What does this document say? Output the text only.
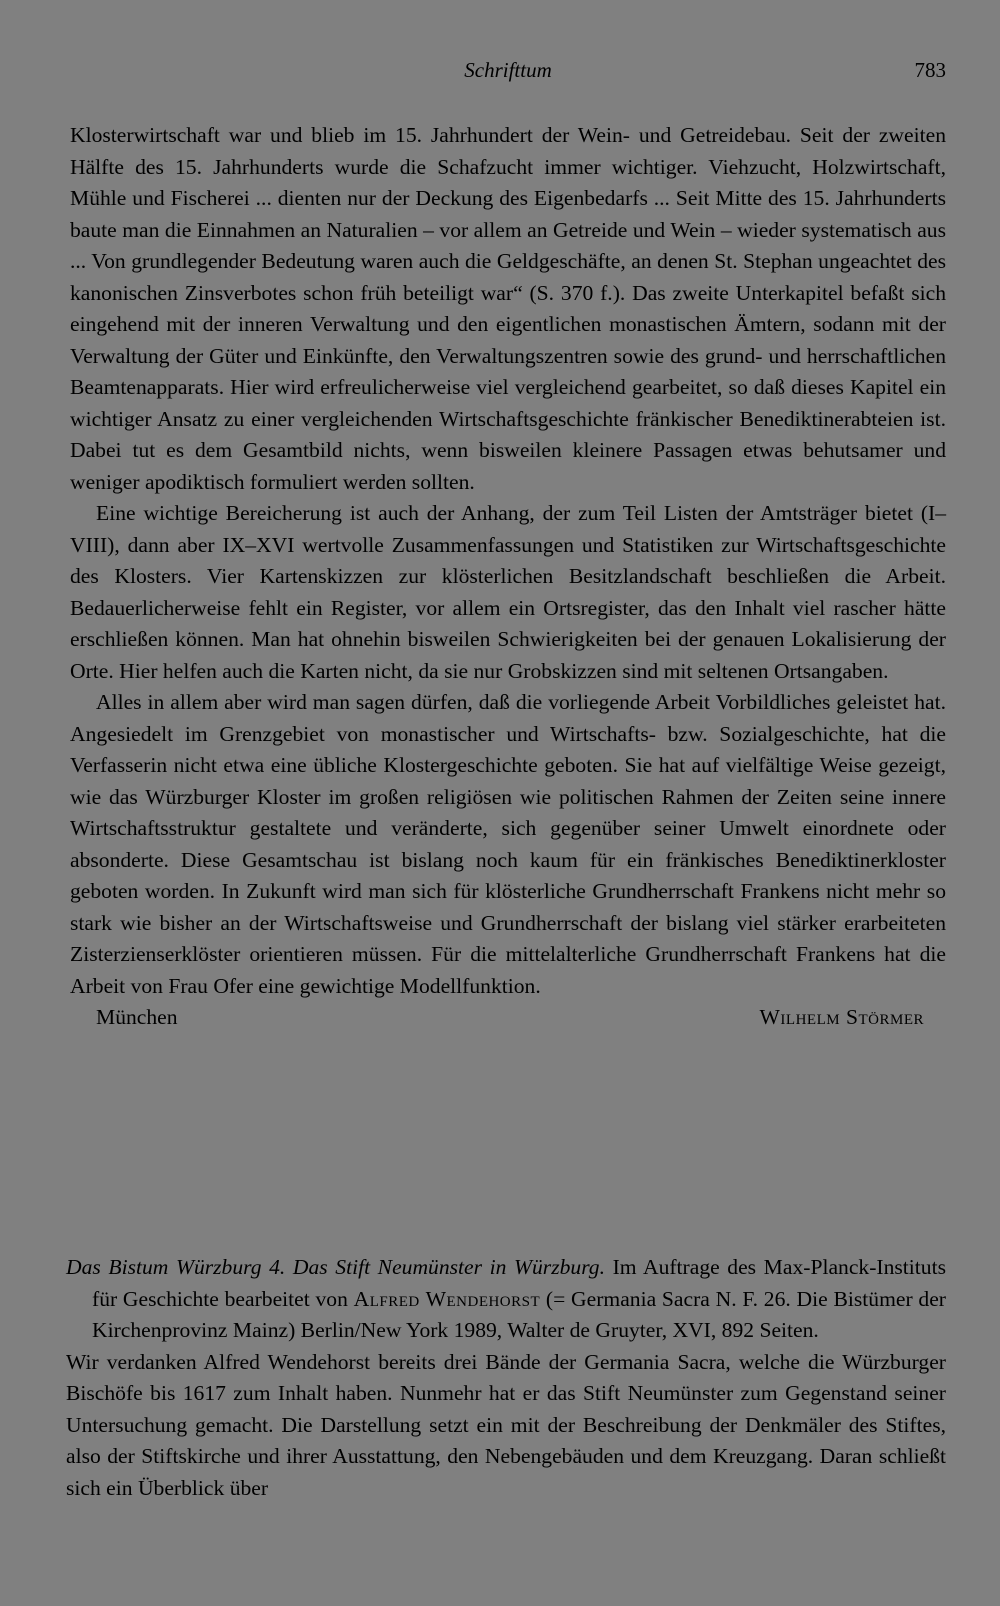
Schrifttum	783

Klosterwirtschaft war und blieb im 15. Jahrhundert der Wein- und Getreidebau. Seit der zweiten Hälfte des 15. Jahrhunderts wurde die Schafzucht immer wichtiger. Viehzucht, Holzwirtschaft, Mühle und Fischerei ... dienten nur der Deckung des Eigenbedarfs ... Seit Mitte des 15. Jahrhunderts baute man die Einnahmen an Naturalien – vor allem an Getreide und Wein – wieder systematisch aus ... Von grundlegender Bedeutung waren auch die Geldgeschäfte, an denen St. Stephan ungeachtet des kanonischen Zinsverbotes schon früh beteiligt war“ (S. 370 f.). Das zweite Unterkapitel befaßt sich eingehend mit der inneren Verwaltung und den eigentlichen monastischen Ämtern, sodann mit der Verwaltung der Güter und Einkünfte, den Verwaltungszentren sowie des grund- und herrschaftlichen Beamtenapparats. Hier wird erfreulicherweise viel vergleichend gearbeitet, so daß dieses Kapitel ein wichtiger Ansatz zu einer vergleichenden Wirtschaftsgeschichte fränkischer Benediktinerabteien ist. Dabei tut es dem Gesamtbild nichts, wenn bisweilen kleinere Passagen etwas behutsamer und weniger apodiktisch formuliert werden sollten.

Eine wichtige Bereicherung ist auch der Anhang, der zum Teil Listen der Amtsträger bietet (I–VIII), dann aber IX–XVI wertvolle Zusammenfassungen und Statistiken zur Wirtschaftsgeschichte des Klosters. Vier Kartenskizzen zur klösterlichen Besitzlandschaft beschließen die Arbeit. Bedauerlicherweise fehlt ein Register, vor allem ein Ortsregister, das den Inhalt viel rascher hätte erschließen können. Man hat ohnehin bisweilen Schwierigkeiten bei der genauen Lokalisierung der Orte. Hier helfen auch die Karten nicht, da sie nur Grobskizzen sind mit seltenen Ortsangaben.

Alles in allem aber wird man sagen dürfen, daß die vorliegende Arbeit Vorbildliches geleistet hat. Angesiedelt im Grenzgebiet von monastischer und Wirtschafts- bzw. Sozialgeschichte, hat die Verfasserin nicht etwa eine übliche Klostergeschichte geboten. Sie hat auf vielfältige Weise gezeigt, wie das Würzburger Kloster im großen religiösen wie politischen Rahmen der Zeiten seine innere Wirtschaftsstruktur gestaltete und veränderte, sich gegenüber seiner Umwelt einordnete oder absonderte. Diese Gesamtschau ist bislang noch kaum für ein fränkisches Benediktinerkloster geboten worden. In Zukunft wird man sich für klösterliche Grundherrschaft Frankens nicht mehr so stark wie bisher an der Wirtschaftsweise und Grundherrschaft der bislang viel stärker erarbeiteten Zisterzienserklöster orientieren müssen. Für die mittelalterliche Grundherrschaft Frankens hat die Arbeit von Frau Ofer eine gewichtige Modellfunktion.

München	Wilhelm Störmer

Das Bistum Würzburg 4. Das Stift Neumünster in Würzburg. Im Auftrage des Max-Planck-Instituts für Geschichte bearbeitet von Alfred Wendehorst (= Germania Sacra N. F. 26. Die Bistümer der Kirchenprovinz Mainz) Berlin/New York 1989, Walter de Gruyter, XVI, 892 Seiten.

Wir verdanken Alfred Wendehorst bereits drei Bände der Germania Sacra, welche die Würzburger Bischöfe bis 1617 zum Inhalt haben. Nunmehr hat er das Stift Neumünster zum Gegenstand seiner Untersuchung gemacht. Die Darstellung setzt ein mit der Beschreibung der Denkmäler des Stiftes, also der Stiftskirche und ihrer Ausstattung, den Nebengebäuden und dem Kreuzgang. Daran schließt sich ein Überblick über
